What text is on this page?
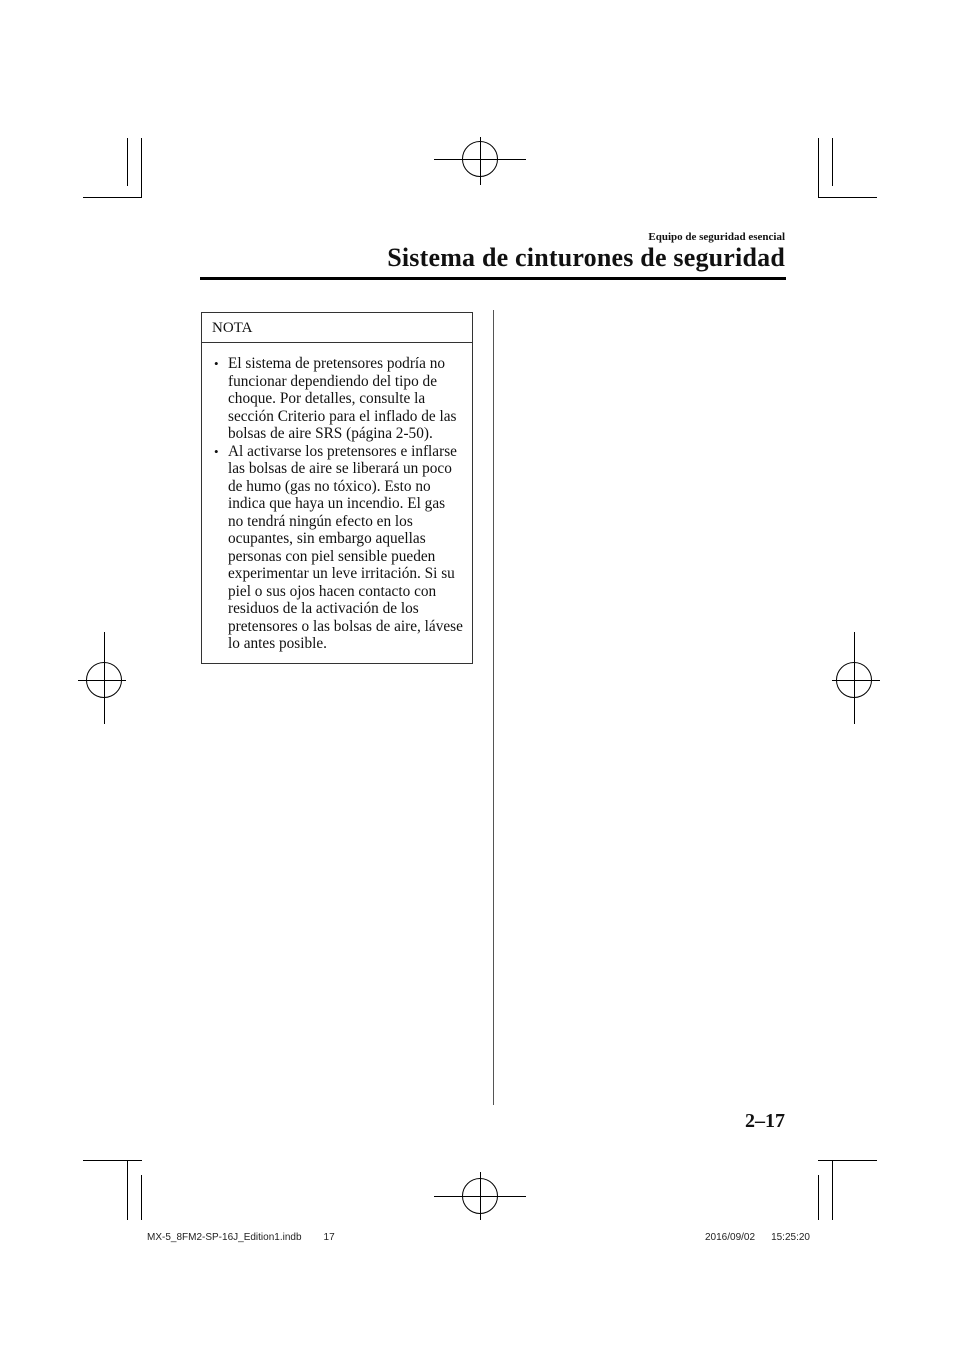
Equipo de seguridad esencial
Sistema de cinturones de seguridad
NOTA
• El sistema de pretensores podría no funcionar dependiendo del tipo de choque. Por detalles, consulte la sección Criterio para el inflado de las bolsas de aire SRS (página 2-50).
• Al activarse los pretensores e inflarse las bolsas de aire se liberará un poco de humo (gas no tóxico). Esto no indica que haya un incendio. El gas no tendrá ningún efecto en los ocupantes, sin embargo aquellas personas con piel sensible pueden experimentar un leve irritación. Si su piel o sus ojos hacen contacto con residuos de la activación de los pretensores o las bolsas de aire, lávese lo antes posible.
2–17
MX-5_8FM2-SP-16J_Edition1.indb 17	2016/09/02 15:25:20
